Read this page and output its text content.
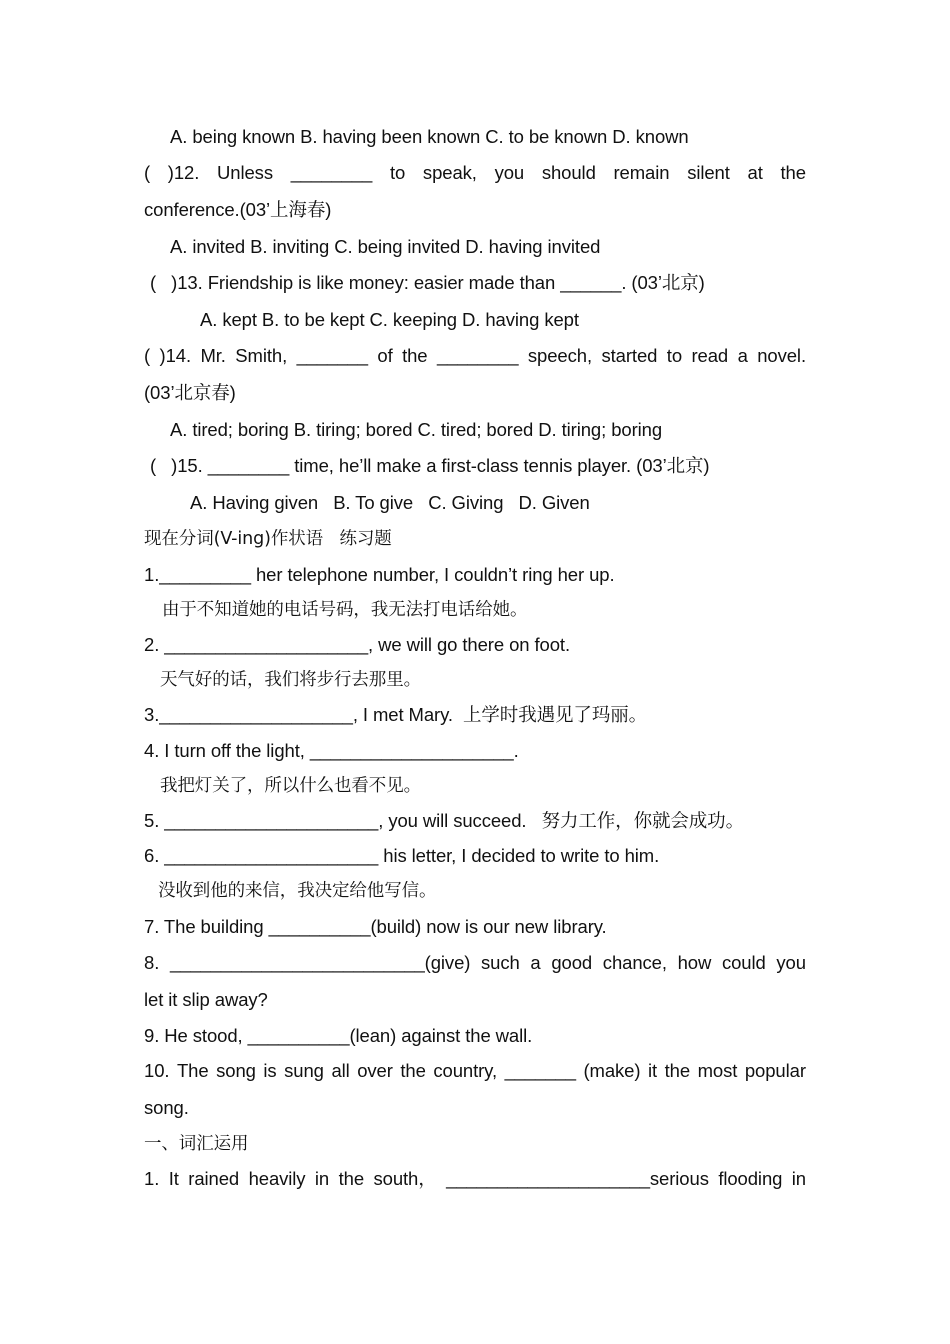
A. being known B. having been known C. to be known D. known
( )12. Unless ________ to speak, you should remain silent at the
conference.(03’上海春)
A. invited B. inviting C. being invited D. having invited
(   )13. Friendship is like money: easier made than ______. (03’北京)
A. kept B. to be kept C. keeping D. having kept
( )14. Mr. Smith, _______ of the ________ speech, started to read a novel.
(03’北京春)
A. tired; boring B. tiring; bored C. tired; bored D. tiring; boring
(   )15. ________ time, he’ll make a first-class tennis player. (03’北京)
A. Having given   B. To give   C. Giving   D. Given
现在分词(V-ing)作状语   练习题
1._________ her telephone number, I couldn’t ring her up.
由于不知道她的电话号码，我无法打电话给她。
2. ____________________, we will go there on foot.
天气好的话，我们将步行去那里。
3.___________________, I met Mary.  上学时我遇见了玛丽。
4. I turn off the light, ____________________.
我把灯关了，所以什么也看不见。
5. _____________________, you will succeed.   努力工作，你就会成功。
6. _____________________ his letter, I decided to write to him.
没收到他的来信，我决定给他写信。
7. The building __________(build) now is our new library.
8. _________________________(give) such a good chance, how could you
let it slip away?
9. He stood, __________(lean) against the wall.
10. The song is sung all over the country, _______ (make) it the most popular
song.
一、词汇运用
1. It rained heavily in the south， ____________________serious flooding in
